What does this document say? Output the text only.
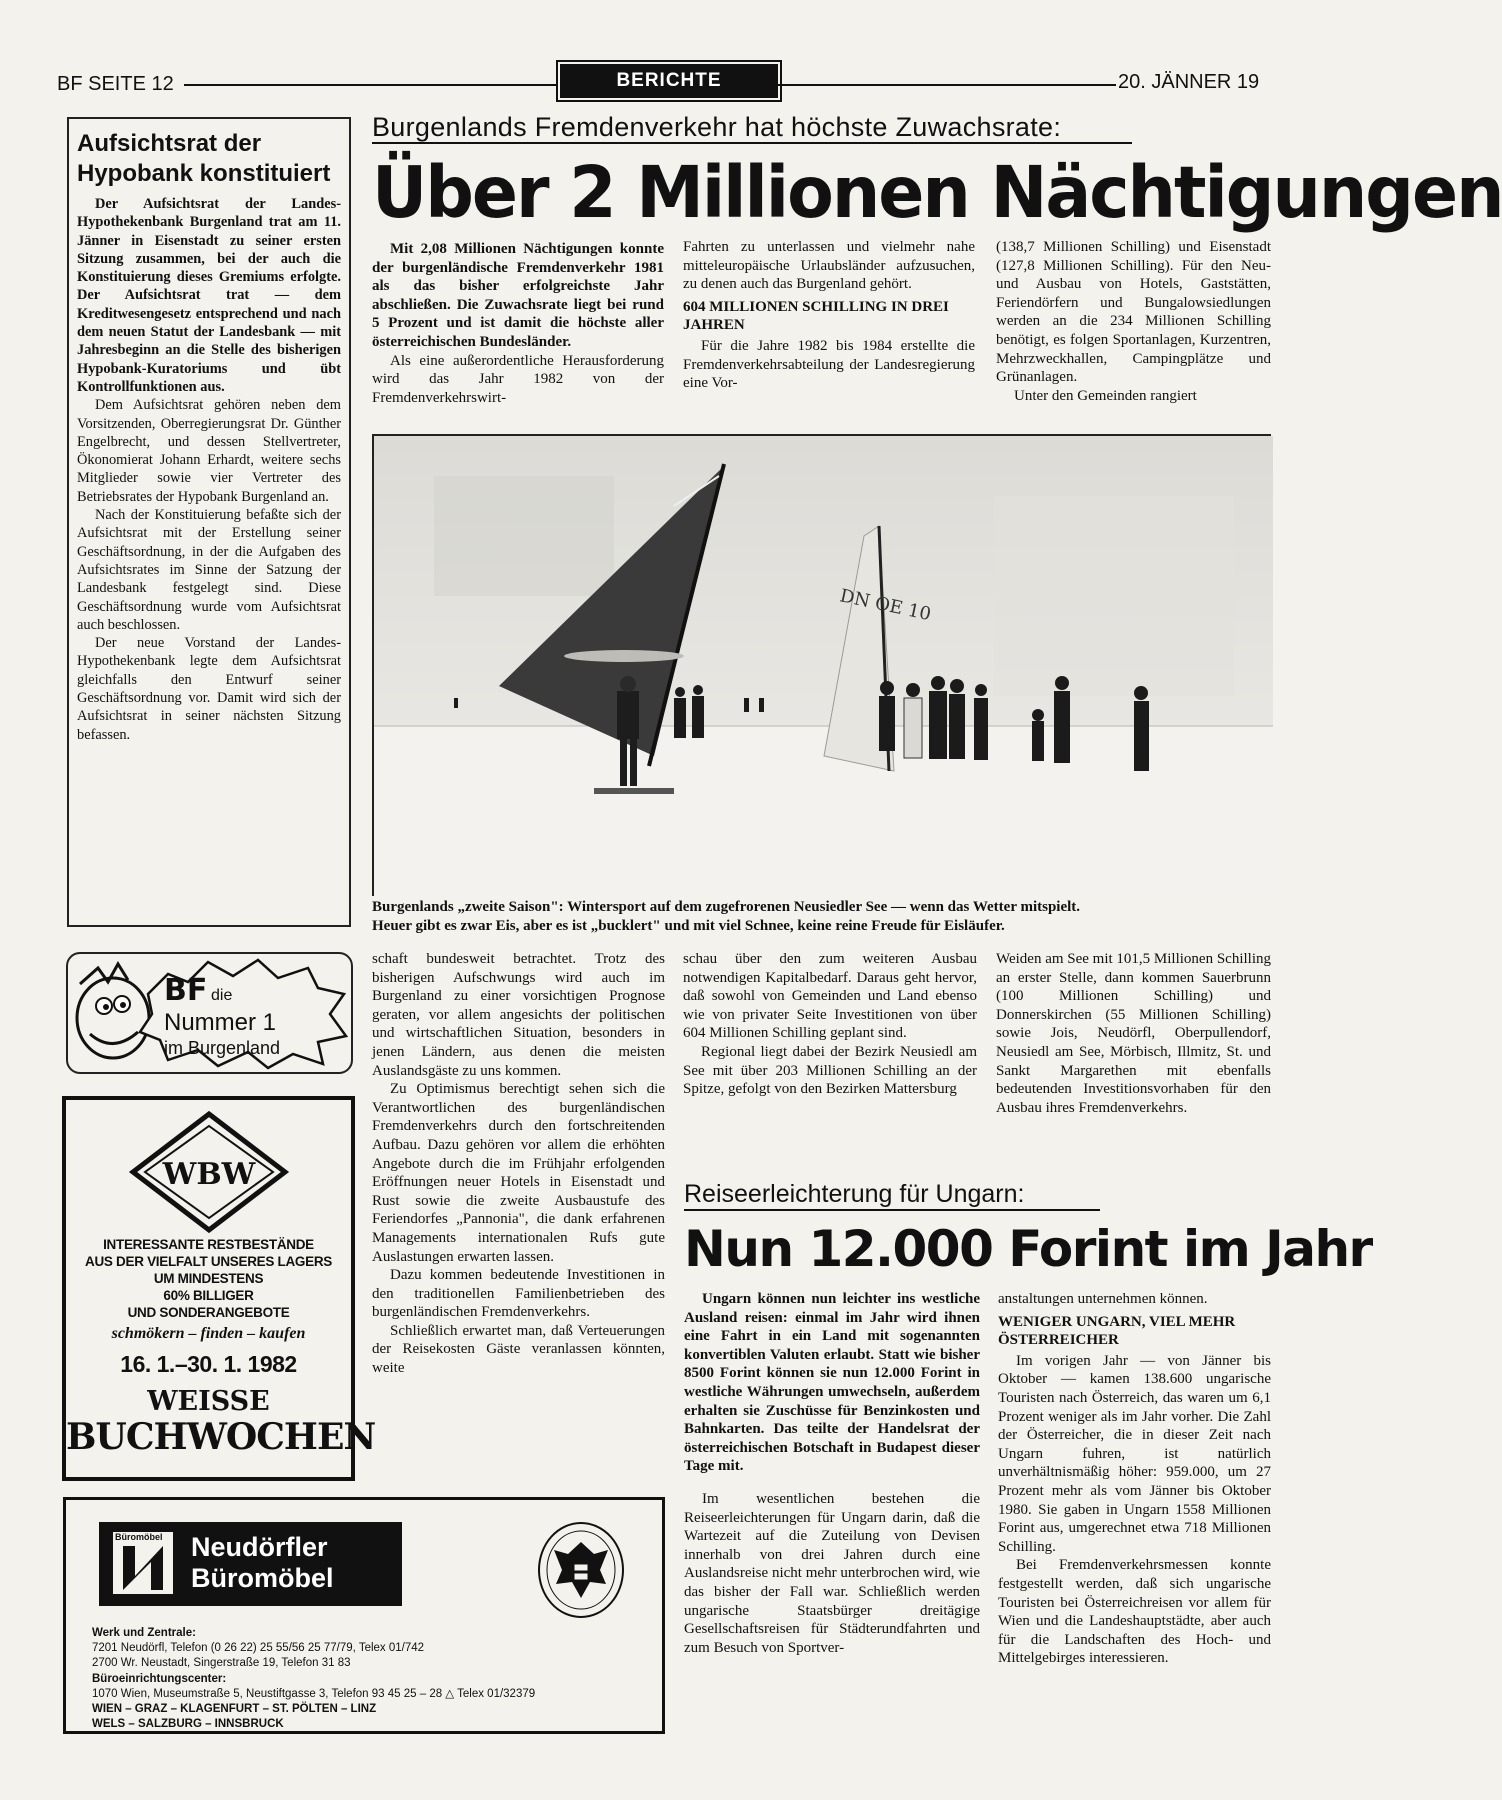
BF SEITE 12	BERICHTE	20. JÄNNER 19
Aufsichtsrat der Hypobank konstituiert

Der Aufsichtsrat der Landes-Hypothekenbank Burgenland trat am 11. Jänner in Eisenstadt zu seiner ersten Sitzung zusammen, bei der auch die Konstituierung dieses Gremiums erfolgte. Der Aufsichtsrat trat — dem Kreditwesengesetz entsprechend und nach dem neuen Statut der Landesbank — mit Jahresbeginn an die Stelle des bisherigen Hypobank-Kuratoriums und übt Kontrollfunktionen aus.

Dem Aufsichtsrat gehören neben dem Vorsitzenden, Oberregierungsrat Dr. Günther Engelbrecht, und dessen Stellvertreter, Ökonomierat Johann Erhardt, weitere sechs Mitglieder sowie vier Vertreter des Betriebsrates der Hypobank Burgenland an.

Nach der Konstituierung befaßte sich der Aufsichtsrat mit der Erstellung seiner Geschäftsordnung, in der die Aufgaben des Aufsichtsrates im Sinne der Satzung der Landesbank festgelegt sind. Diese Geschäftsordnung wurde vom Aufsichtsrat auch beschlossen.

Der neue Vorstand der Landes-Hypothekenbank legte dem Aufsichtsrat gleichfalls den Entwurf seiner Geschäftsordnung vor. Damit wird sich der Aufsichtsrat in seiner nächsten Sitzung befassen.

Burgenlands Fremdenverkehr hat höchste Zuwachsrate:
Über 2 Millionen Nächtigungen

Mit 2,08 Millionen Nächtigungen konnte der burgenländische Fremdenverkehr 1981 als das bisher erfolgreichste Jahr abschließen. Die Zuwachsrate liegt bei rund 5 Prozent und ist damit die höchste aller österreichischen Bundesländer.

Als eine außerordentliche Herausforderung wird das Jahr 1982 von der Fremdenverkehrswirt-

Fahrten zu unterlassen und vielmehr nahe mitteleuropäische Urlaubsländer aufzusuchen, zu denen auch das Burgenland gehört.

604 MILLIONEN SCHILLING IN DREI JAHREN

Für die Jahre 1982 bis 1984 erstellte die Fremdenverkehrsabteilung der Landesregierung eine Vor-

(138,7 Millionen Schilling) und Eisenstadt (127,8 Millionen Schilling). Für den Neu- und Ausbau von Hotels, Gaststätten, Feriendörfern und Bungalowsiedlungen werden an die 234 Millionen Schilling benötigt, es folgen Sportanlagen, Kurzentren, Mehrzweckhallen, Campingplätze und Grünanlagen.

Unter den Gemeinden rangiert

DN OE 10
Burgenlands „zweite Saison": Wintersport auf dem zugefrorenen Neusiedler See — wenn das Wetter mitspielt.
Heuer gibt es zwar Eis, aber es ist „bucklert" und mit viel Schnee, keine reine Freude für Eisläufer.
BF die
Nummer 1
im Burgenland
WBW
INTERESSANTE RESTBESTÄNDE
AUS DER VIELFALT UNSERES LAGERS
UM MINDESTENS
60% BILLIGER
UND SONDERANGEBOTE
schmökern – finden – kaufen
16. 1.–30. 1. 1982
WEISSE
BUCHWOCHEN
Büromöbel Neudörfler
Büromöbel
Werk und Zentrale:
7201 Neudörfl, Telefon (0 26 22) 25 55/56 25 77/79, Telex 01/742
2700 Wr. Neustadt, Singerstraße 19, Telefon 31 83
Büroeinrichtungscenter:
1070 Wien, Museumstraße 5, Neustiftgasse 3, Telefon 93 45 25 – 28 △ Telex 01/32379
WIEN – GRAZ – KLAGENFURT – ST. PÖLTEN – LINZ
WELS – SALZBURG – INNSBRUCK

schaft bundesweit betrachtet. Trotz des bisherigen Aufschwungs wird auch im Burgenland zu einer vorsichtigen Prognose geraten, vor allem angesichts der politischen und wirtschaftlichen Situation, besonders in jenen Ländern, aus denen die meisten Auslandsgäste zu uns kommen.

Zu Optimismus berechtigt sehen sich die Verantwortlichen des burgenländischen Fremdenverkehrs durch den fortschreitenden Aufbau. Dazu gehören vor allem die erhöhten Angebote durch die im Frühjahr erfolgenden Eröffnungen neuer Hotels in Eisenstadt und Rust sowie die zweite Ausbaustufe des Feriendorfes „Pannonia", die dank erfahrenen Managements internationalen Rufs gute Auslastungen erwarten lassen.

Dazu kommen bedeutende Investitionen in den traditionellen Familienbetrieben des burgenländischen Fremdenverkehrs.

Schließlich erwartet man, daß Verteuerungen der Reisekosten Gäste veranlassen könnten, weite

schau über den zum weiteren Ausbau notwendigen Kapitalbedarf. Daraus geht hervor, daß sowohl von Gemeinden und Land ebenso wie von privater Seite Investitionen von über 604 Millionen Schilling geplant sind.

Regional liegt dabei der Bezirk Neusiedl am See mit über 203 Millionen Schilling an der Spitze, gefolgt von den Bezirken Mattersburg

Weiden am See mit 101,5 Millionen Schilling an erster Stelle, dann kommen Sauerbrunn (100 Millionen Schilling) und Donnerskirchen (55 Millionen Schilling) sowie Jois, Neudörfl, Oberpullendorf, Neusiedl am See, Mörbisch, Illmitz, St. und Sankt Margarethen mit ebenfalls bedeutenden Investitionsvorhaben für den Ausbau ihres Fremdenverkehrs.

Reiseerleichterung für Ungarn:
Nun 12.000 Forint im Jahr

Ungarn können nun leichter ins westliche Ausland reisen: einmal im Jahr wird ihnen eine Fahrt in ein Land mit sogenannten konvertiblen Valuten erlaubt. Statt wie bisher 8500 Forint können sie nun 12.000 Forint in westliche Währungen umwechseln, außerdem erhalten sie Zuschüsse für Benzinkosten und Bahnkarten. Das teilte der Handelsrat der österreichischen Botschaft in Budapest dieser Tage mit.

Im wesentlichen bestehen die Reiseerleichterungen für Ungarn darin, daß die Wartezeit auf die Zuteilung von Devisen innerhalb von drei Jahren durch eine Auslandsreise nicht mehr unterbrochen wird, wie das bisher der Fall war. Schließlich werden ungarische Staatsbürger dreitägige Gesellschaftsreisen für Städterundfahrten und zum Besuch von Sportver-

anstaltungen unternehmen können.

WENIGER UNGARN, VIEL MEHR ÖSTERREICHER

Im vorigen Jahr — von Jänner bis Oktober — kamen 138.600 ungarische Touristen nach Österreich, das waren um 6,1 Prozent weniger als im Jahr vorher. Die Zahl der Österreicher, die in dieser Zeit nach Ungarn fuhren, ist natürlich unverhältnismäßig höher: 959.000, um 27 Prozent mehr als vom Jänner bis Oktober 1980. Sie gaben in Ungarn 1558 Millionen Forint aus, umgerechnet etwa 718 Millionen Schilling.

Bei Fremdenverkehrsmessen konnte festgestellt werden, daß sich ungarische Touristen bei Österreichreisen vor allem für Wien und die Landeshauptstädte, aber auch für die Landschaften des Hoch- und Mittelgebirges interessieren.
